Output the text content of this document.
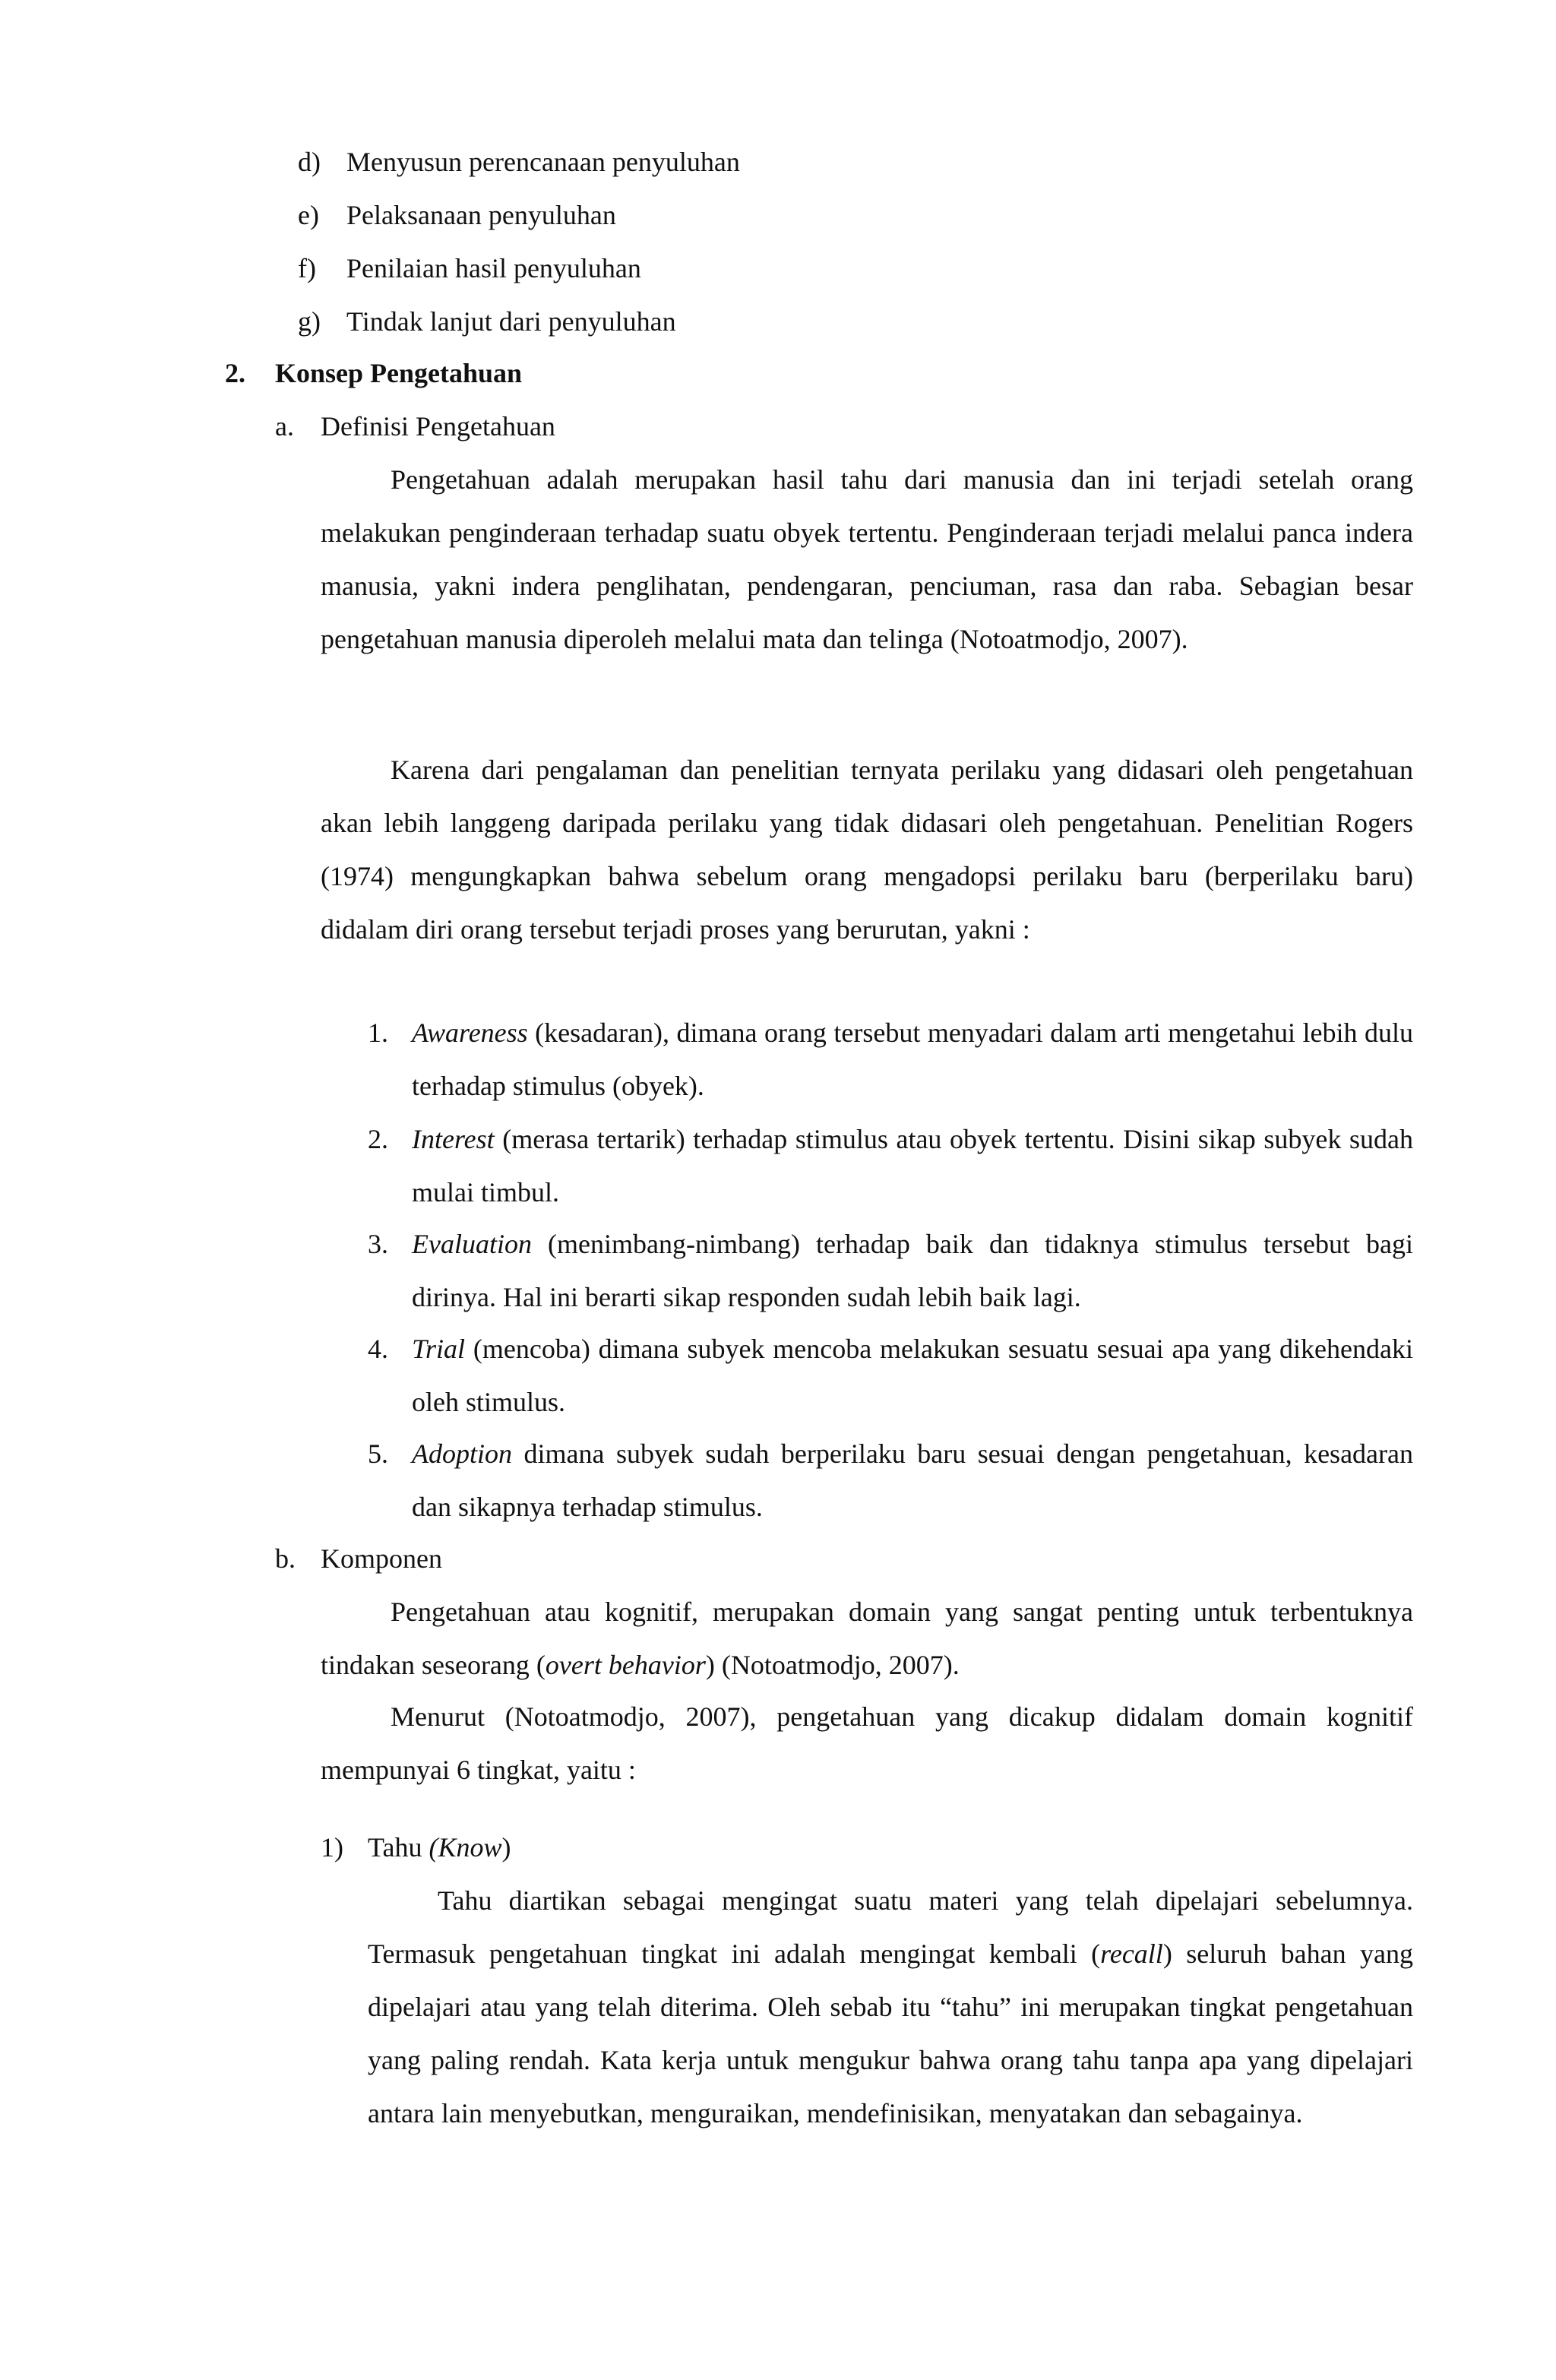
d) Menyusun perencanaan penyuluhan
e) Pelaksanaan penyuluhan
f) Penilaian hasil penyuluhan
g) Tindak lanjut dari penyuluhan
2. Konsep Pengetahuan
a. Definisi Pengetahuan
Pengetahuan adalah merupakan hasil tahu dari manusia dan ini terjadi setelah orang melakukan penginderaan terhadap suatu obyek tertentu. Penginderaan terjadi melalui panca indera manusia, yakni indera penglihatan, pendengaran, penciuman, rasa dan raba. Sebagian besar pengetahuan manusia diperoleh melalui mata dan telinga (Notoatmodjo, 2007).
Karena dari pengalaman dan penelitian ternyata perilaku yang didasari oleh pengetahuan akan lebih langgeng daripada perilaku yang tidak didasari oleh pengetahuan. Penelitian Rogers (1974) mengungkapkan bahwa sebelum orang mengadopsi perilaku baru (berperilaku baru) didalam diri orang tersebut terjadi proses yang berurutan, yakni :
1. Awareness (kesadaran), dimana orang tersebut menyadari dalam arti mengetahui lebih dulu terhadap stimulus (obyek).
2. Interest (merasa tertarik) terhadap stimulus atau obyek tertentu. Disini sikap subyek sudah mulai timbul.
3. Evaluation (menimbang-nimbang) terhadap baik dan tidaknya stimulus tersebut bagi dirinya. Hal ini berarti sikap responden sudah lebih baik lagi.
4. Trial (mencoba) dimana subyek mencoba melakukan sesuatu sesuai apa yang dikehendaki oleh stimulus.
5. Adoption dimana subyek sudah berperilaku baru sesuai dengan pengetahuan, kesadaran dan sikapnya terhadap stimulus.
b. Komponen
Pengetahuan atau kognitif, merupakan domain yang sangat penting untuk terbentuknya tindakan seseorang (overt behavior) (Notoatmodjo, 2007).
Menurut (Notoatmodjo, 2007), pengetahuan yang dicakup didalam domain kognitif mempunyai 6 tingkat, yaitu :
1) Tahu (Know)
Tahu diartikan sebagai mengingat suatu materi yang telah dipelajari sebelumnya. Termasuk pengetahuan tingkat ini adalah mengingat kembali (recall) seluruh bahan yang dipelajari atau yang telah diterima. Oleh sebab itu “tahu” ini merupakan tingkat pengetahuan yang paling rendah. Kata kerja untuk mengukur bahwa orang tahu tanpa apa yang dipelajari antara lain menyebutkan, menguraikan, mendefinisikan, menyatakan dan sebagainya.
